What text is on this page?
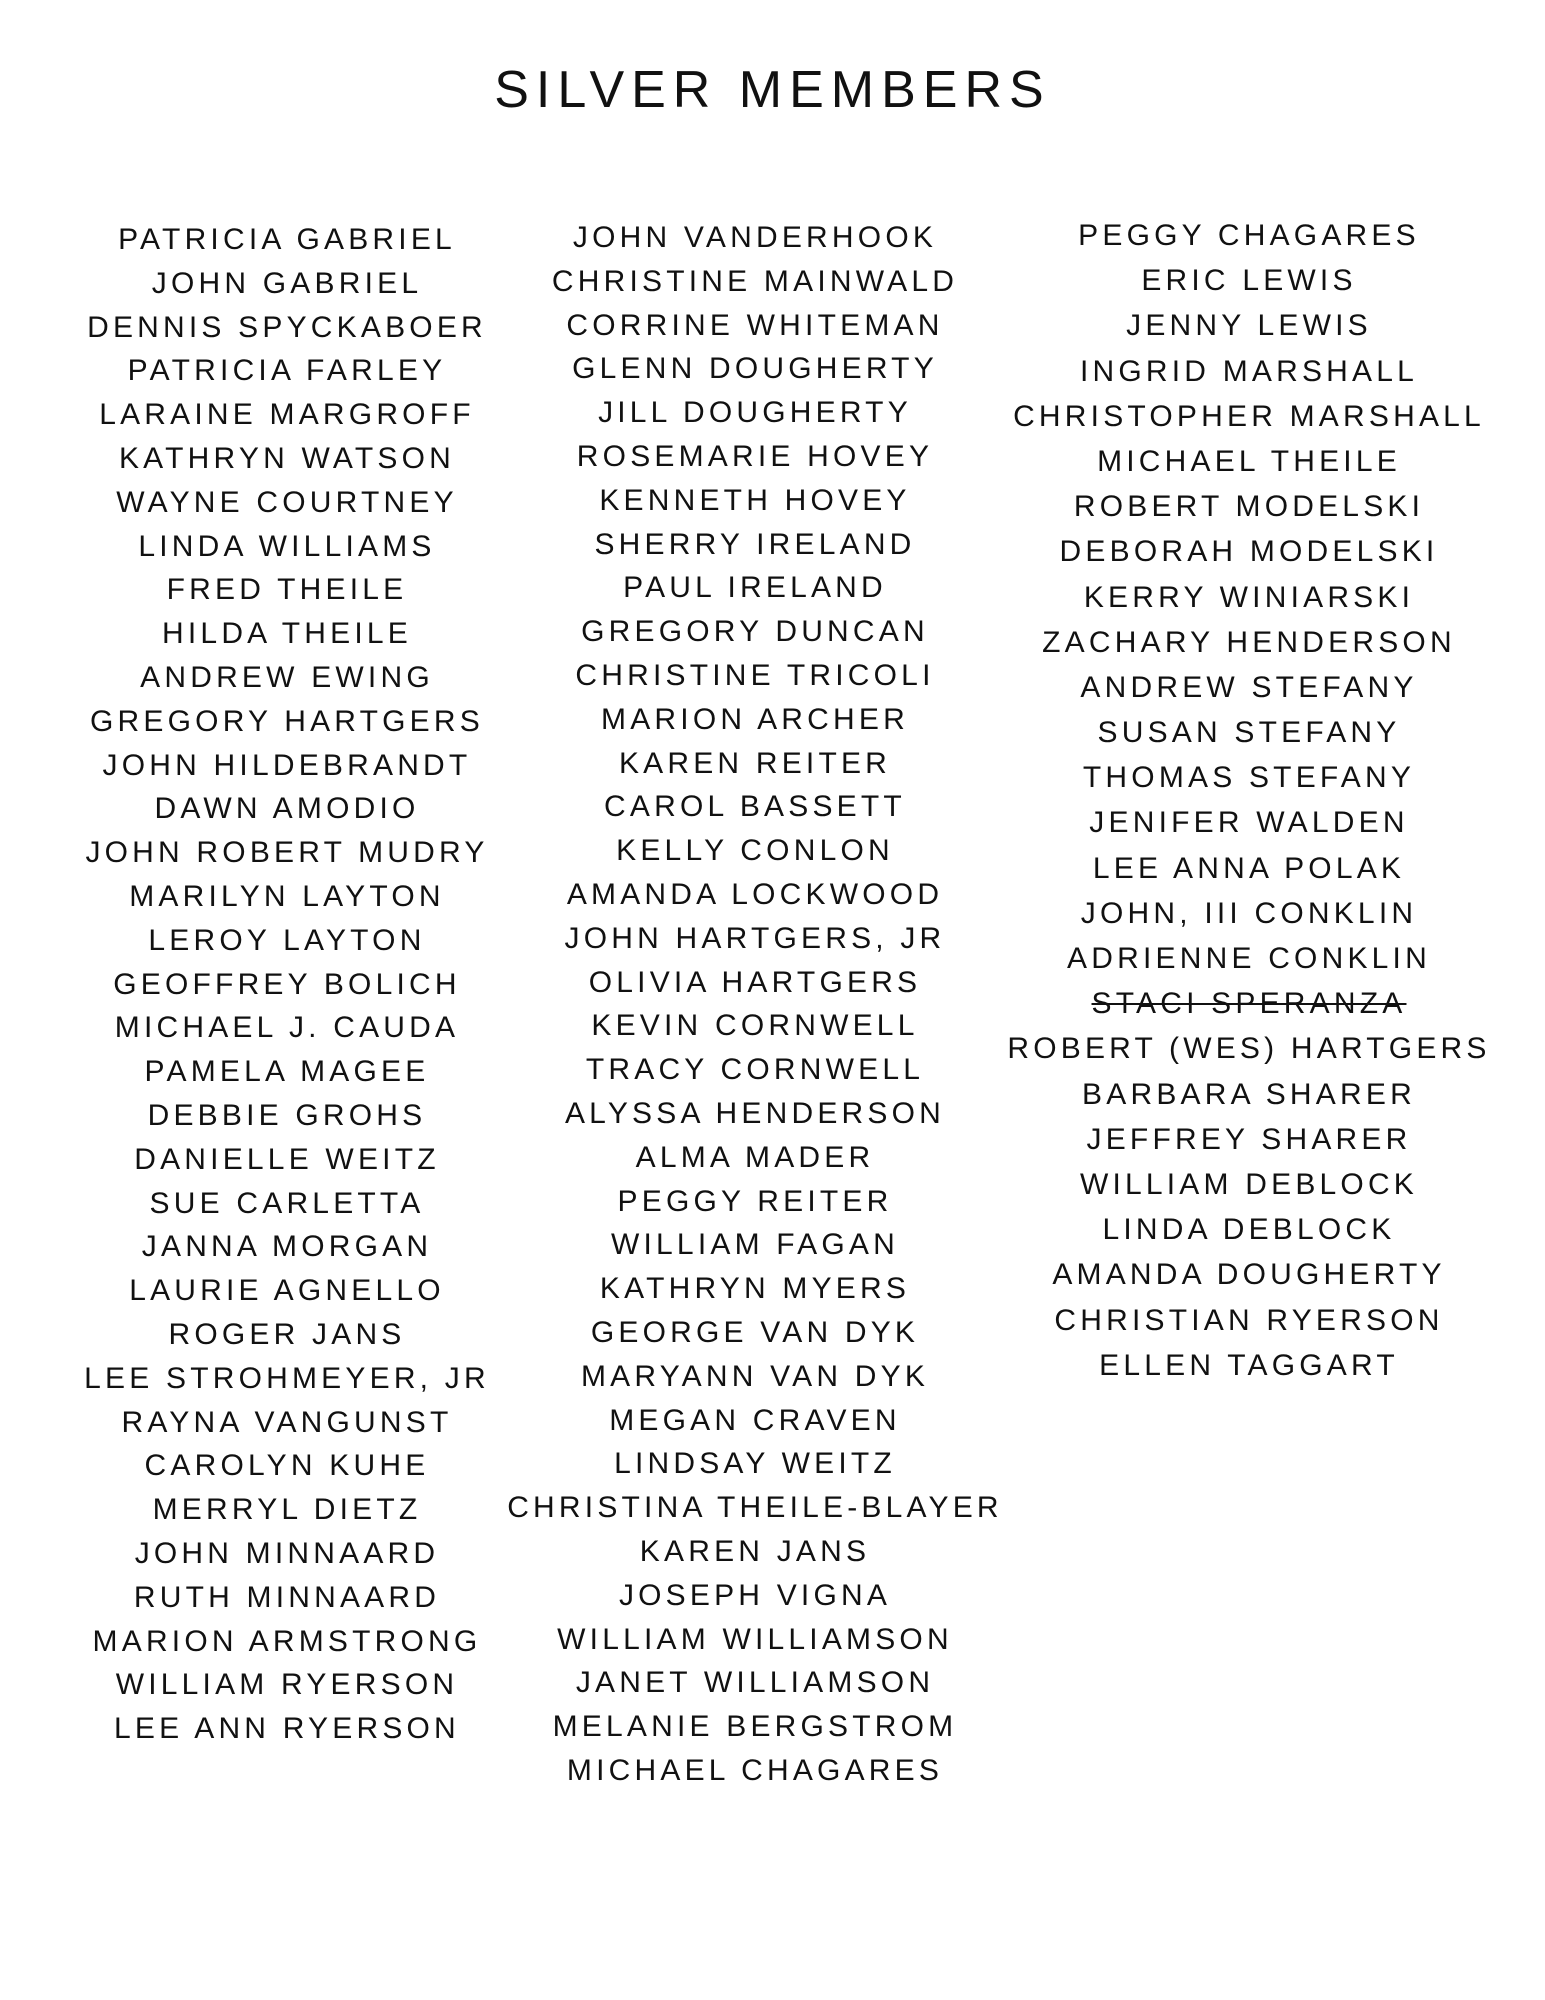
SILVER MEMBERS
PATRICIA GABRIEL
JOHN GABRIEL
DENNIS SPYCKABOER
PATRICIA FARLEY
LARAINE MARGROFF
KATHRYN WATSON
WAYNE COURTNEY
LINDA WILLIAMS
FRED THEILE
HILDA THEILE
ANDREW EWING
GREGORY HARTGERS
JOHN HILDEBRANDT
DAWN AMODIO
JOHN ROBERT MUDRY
MARILYN LAYTON
LEROY LAYTON
GEOFFREY BOLICH
MICHAEL J. CAUDA
PAMELA MAGEE
DEBBIE GROHS
DANIELLE WEITZ
SUE CARLETTA
JANNA MORGAN
LAURIE AGNELLO
ROGER JANS
LEE STROHMEYER, JR
RAYNA VANGUNST
CAROLYN KUHE
MERRYL DIETZ
JOHN MINNAARD
RUTH MINNAARD
MARION ARMSTRONG
WILLIAM RYERSON
LEE ANN RYERSON
JOHN VANDERHOOK
CHRISTINE MAINWALD
CORRINE WHITEMAN
GLENN DOUGHERTY
JILL DOUGHERTY
ROSEMARIE HOVEY
KENNETH HOVEY
SHERRY IRELAND
PAUL IRELAND
GREGORY DUNCAN
CHRISTINE TRICOLI
MARION ARCHER
KAREN REITER
CAROL BASSETT
KELLY CONLON
AMANDA LOCKWOOD
JOHN HARTGERS, JR
OLIVIA HARTGERS
KEVIN CORNWELL
TRACY CORNWELL
ALYSSA HENDERSON
ALMA MADER
PEGGY REITER
WILLIAM FAGAN
KATHRYN MYERS
GEORGE VAN DYK
MARYANN VAN DYK
MEGAN CRAVEN
LINDSAY WEITZ
CHRISTINA THEILE-BLAYER
KAREN JANS
JOSEPH VIGNA
WILLIAM WILLIAMSON
JANET WILLIAMSON
MELANIE BERGSTROM
MICHAEL CHAGARES
PEGGY CHAGARES
ERIC LEWIS
JENNY LEWIS
INGRID MARSHALL
CHRISTOPHER MARSHALL
MICHAEL THEILE
ROBERT MODELSKI
DEBORAH MODELSKI
KERRY WINIARSKI
ZACHARY HENDERSON
ANDREW STEFANY
SUSAN STEFANY
THOMAS STEFANY
JENIFER WALDEN
LEE ANNA POLAK
JOHN, III CONKLIN
ADRIENNE CONKLIN
STACI SPERANZA
ROBERT (WES) HARTGERS
BARBARA SHARER
JEFFREY SHARER
WILLIAM DEBLOCK
LINDA DEBLOCK
AMANDA DOUGHERTY
CHRISTIAN RYERSON
ELLEN TAGGART
